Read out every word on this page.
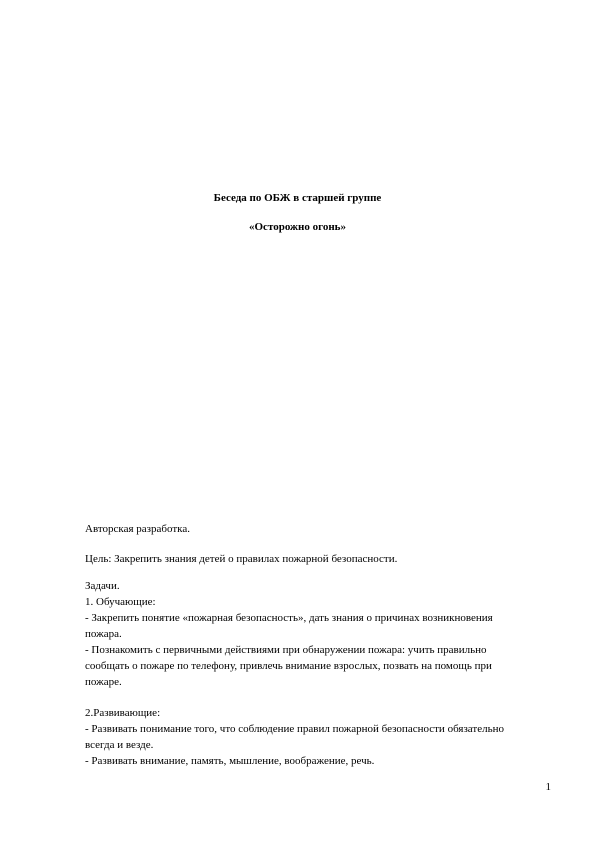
Беседа по ОБЖ в старшей группе

«Осторожно огонь»

Авторская разработка.

Цель: Закрепить знания детей о правилах пожарной безопасности.

Задачи.

1. Обучающие:

- Закрепить понятие «пожарная безопасность», дать знания о причинах возникновения

пожара.

- Познакомить с первичными действиями при обнаружении пожара: учить правильно

сообщать о пожаре по телефону, привлечь внимание взрослых, позвать на помощь при

пожаре.

2.Развивающие:

- Развивать понимание того, что соблюдение правил пожарной безопасности обязательно

всегда и везде.

- Развивать внимание, память, мышление, воображение, речь.

1
